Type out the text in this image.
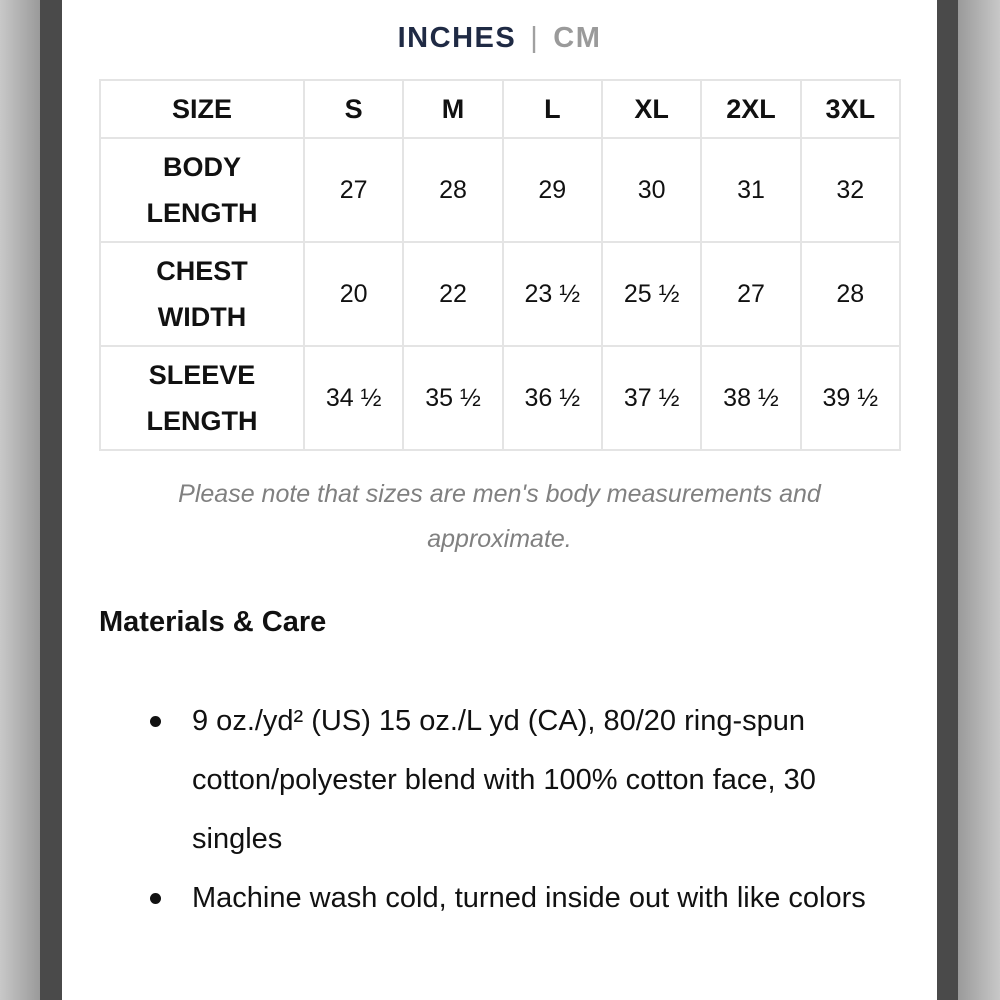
INCHES | CM
SIZE	S	M	L	XL	2XL	3XL

BODY
LENGTH	27	28	29	30	31	32

CHEST
WIDTH	20	22	23 ½	25 ½	27	28

SLEEVE
LENGTH	34 ½	35 ½	36 ½	37 ½	38 ½	39 ½
Please note that sizes are men's body measurements and approximate.
Materials & Care
9 oz./yd² (US) 15 oz./L yd (CA), 80/20 ring-spun cotton/polyester blend with 100% cotton face, 30 singles
Machine wash cold, turned inside out with like colors
